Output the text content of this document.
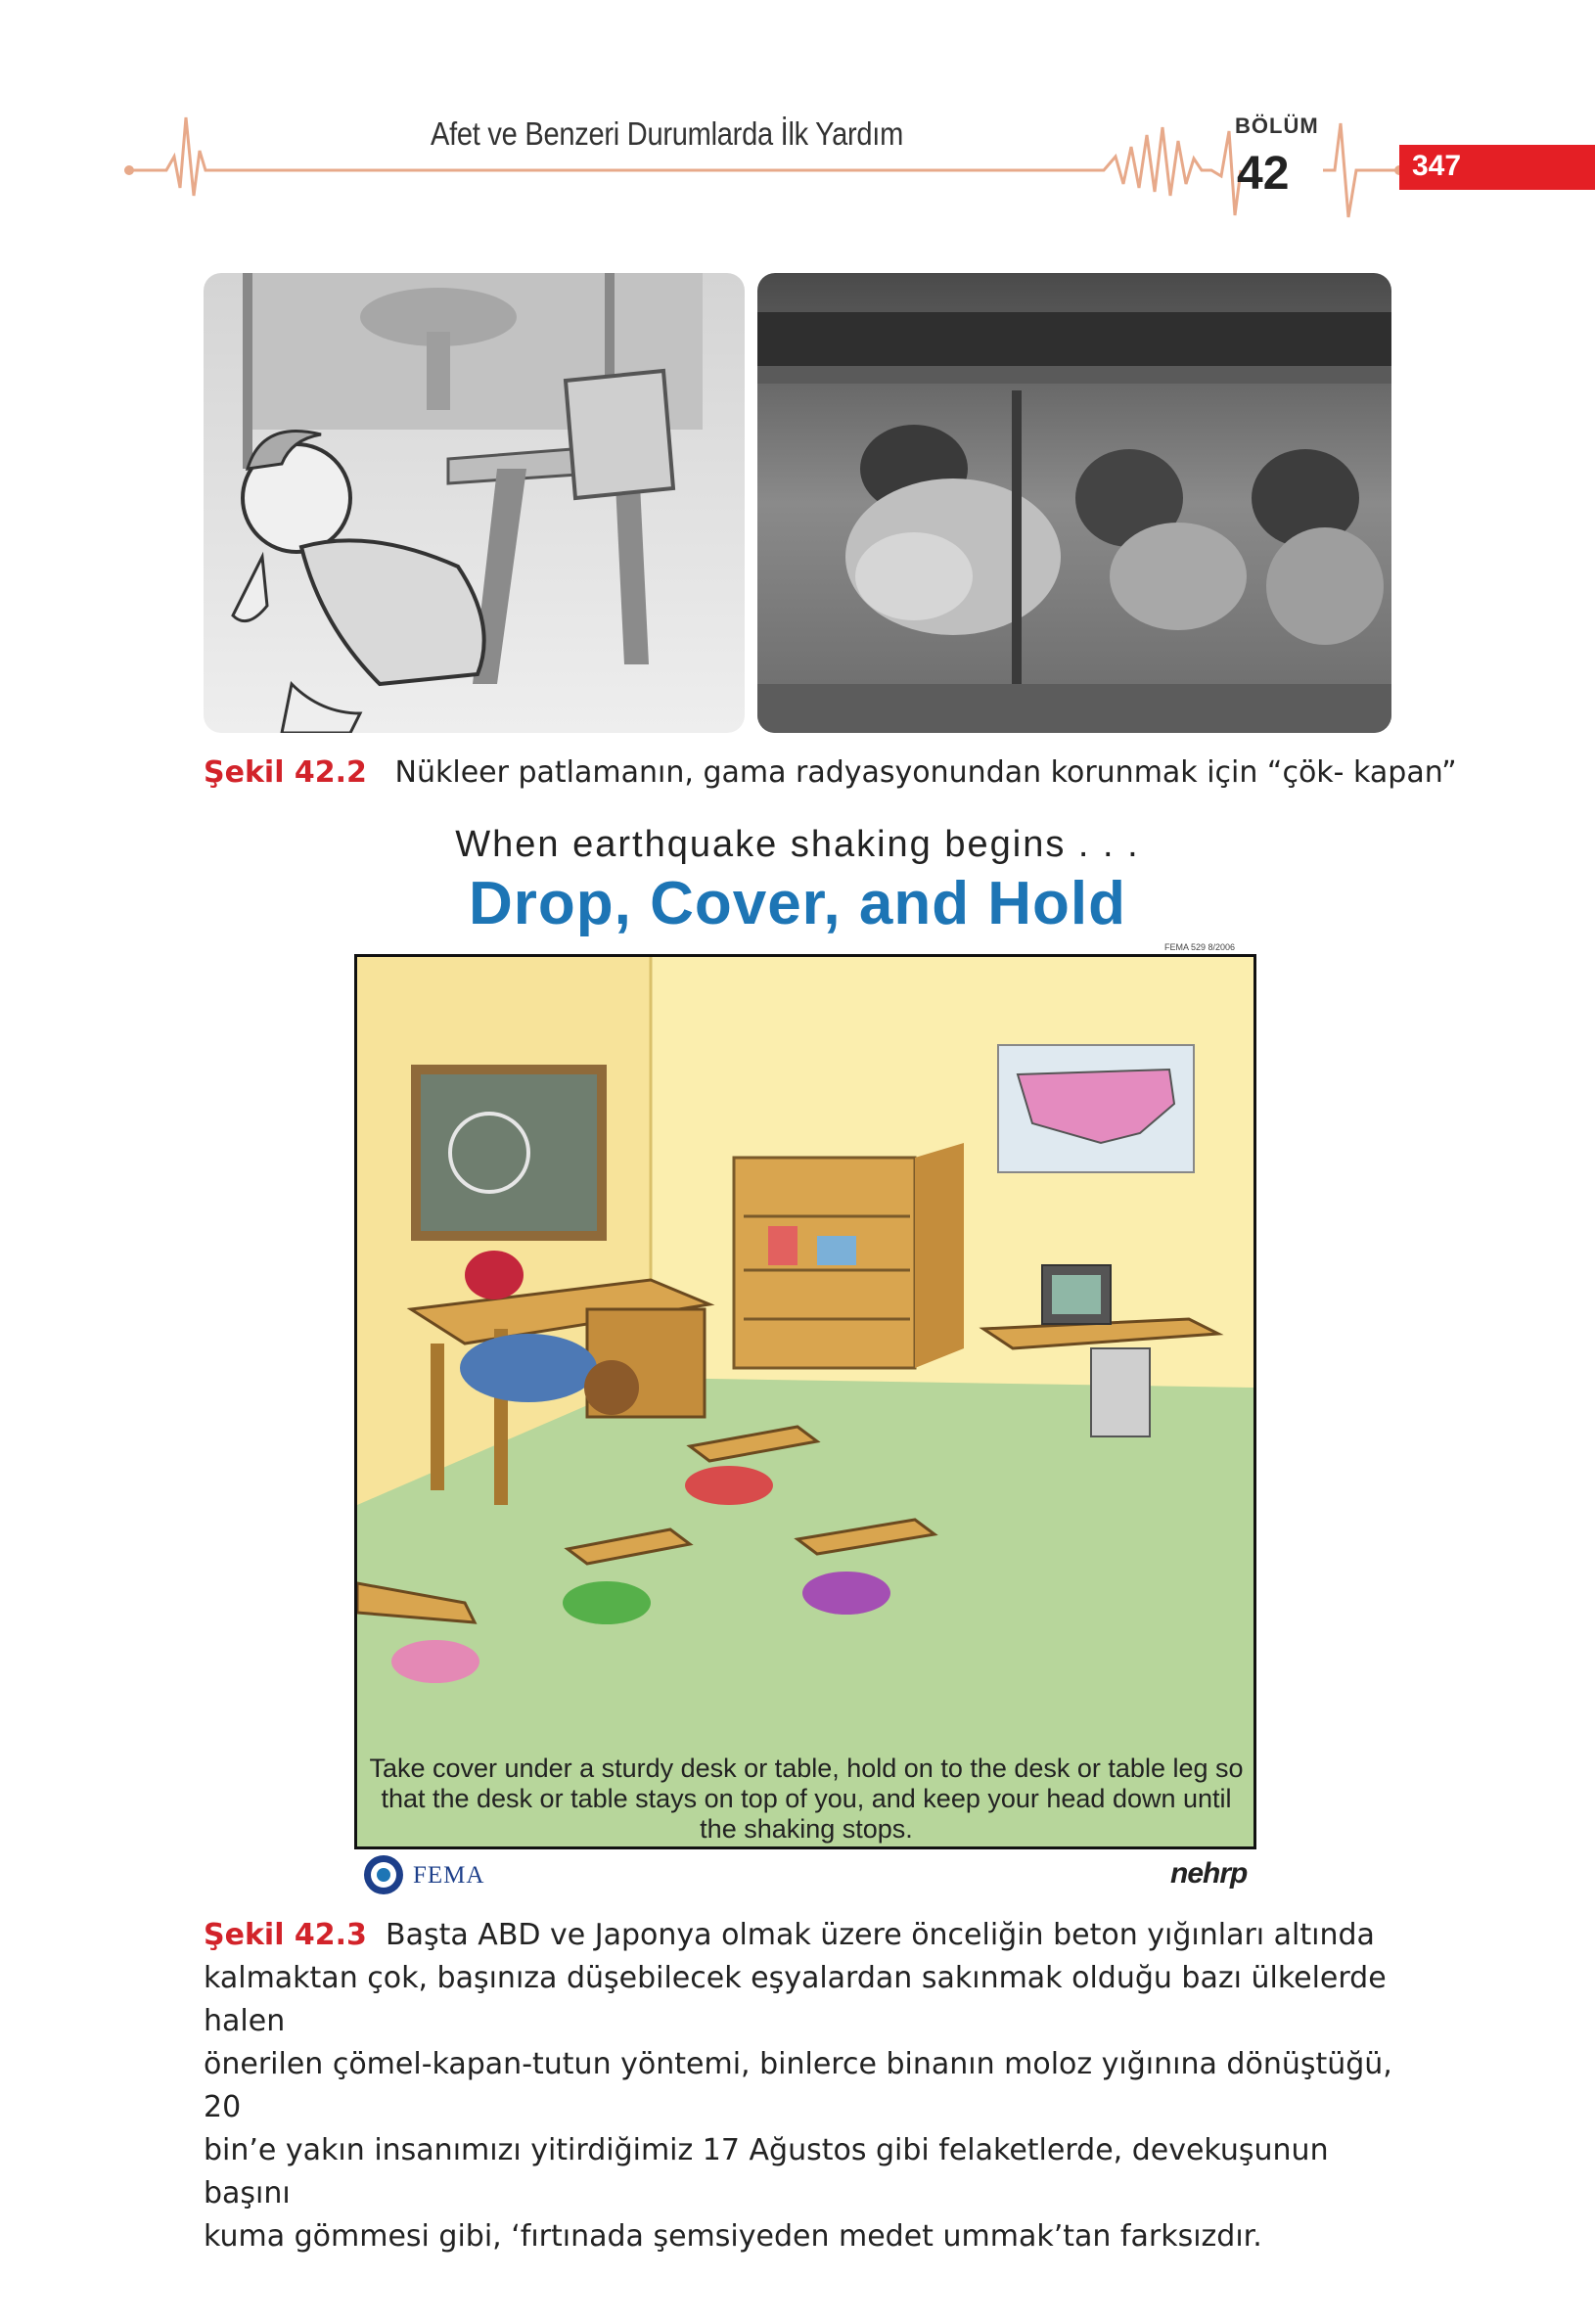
Afet ve Benzeri Durumlarda İlk Yardım	BÖLÜM
42	347
Şekil 42.2 Nükleer patlamanın, gama radyasyonundan korunmak için “çök- kapan”
When earthquake shaking begins . . .
Drop, Cover, and Hold
FEMA 529 8/2006
Take cover under a sturdy desk or table, hold on to the desk or table leg so that the desk or table stays on top of you, and keep your head down until the shaking stops.
FEMA	nehrp
Şekil 42.3 Başta ABD ve Japonya olmak üzere önceliğin beton yığınları altında
kalmaktan çok, başınıza düşebilecek eşyalardan sakınmak olduğu bazı ülkelerde halen
önerilen çömel-kapan-tutun yöntemi, binlerce binanın moloz yığınına dönüştüğü, 20
bin’e yakın insanımızı yitirdiğimiz 17 Ağustos gibi felaketlerde, devekuşunun başını
kuma gömmesi gibi, ‘fırtınada şemsiyeden medet ummak’tan farksızdır.
